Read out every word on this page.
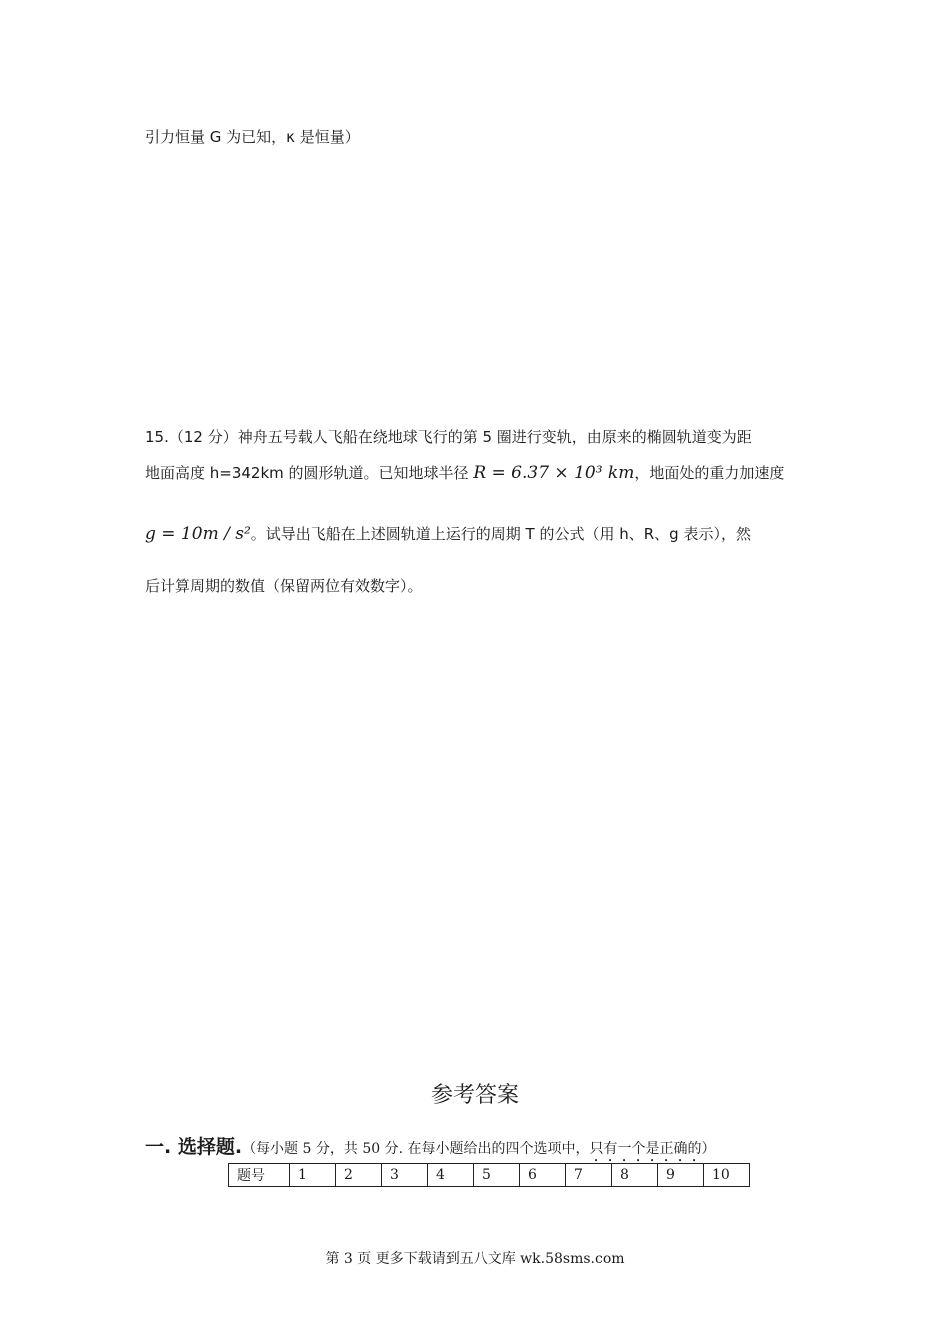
引力恒量 G 为已知，κ 是恒量）
15.（12 分）神舟五号载人飞船在绕地球飞行的第 5 圈进行变轨，由原来的椭圆轨道变为距
地面高度 h=342km 的圆形轨道。已知地球半径 R = 6.37 × 10³ km，地面处的重力加速度
g = 10m / s²。试导出飞船在上述圆轨道上运行的周期 T 的公式（用 h、R、g 表示），然
后计算周期的数值（保留两位有效数字）。
参考答案
一. 选择题.（每小题 5 分，共 50 分. 在每小题给出的四个选项中，只有一个是正确的）
题号	1	2	3	4	5	6	7	8	9	10
第 3 页 更多下载请到五八文库 wk.58sms.com
